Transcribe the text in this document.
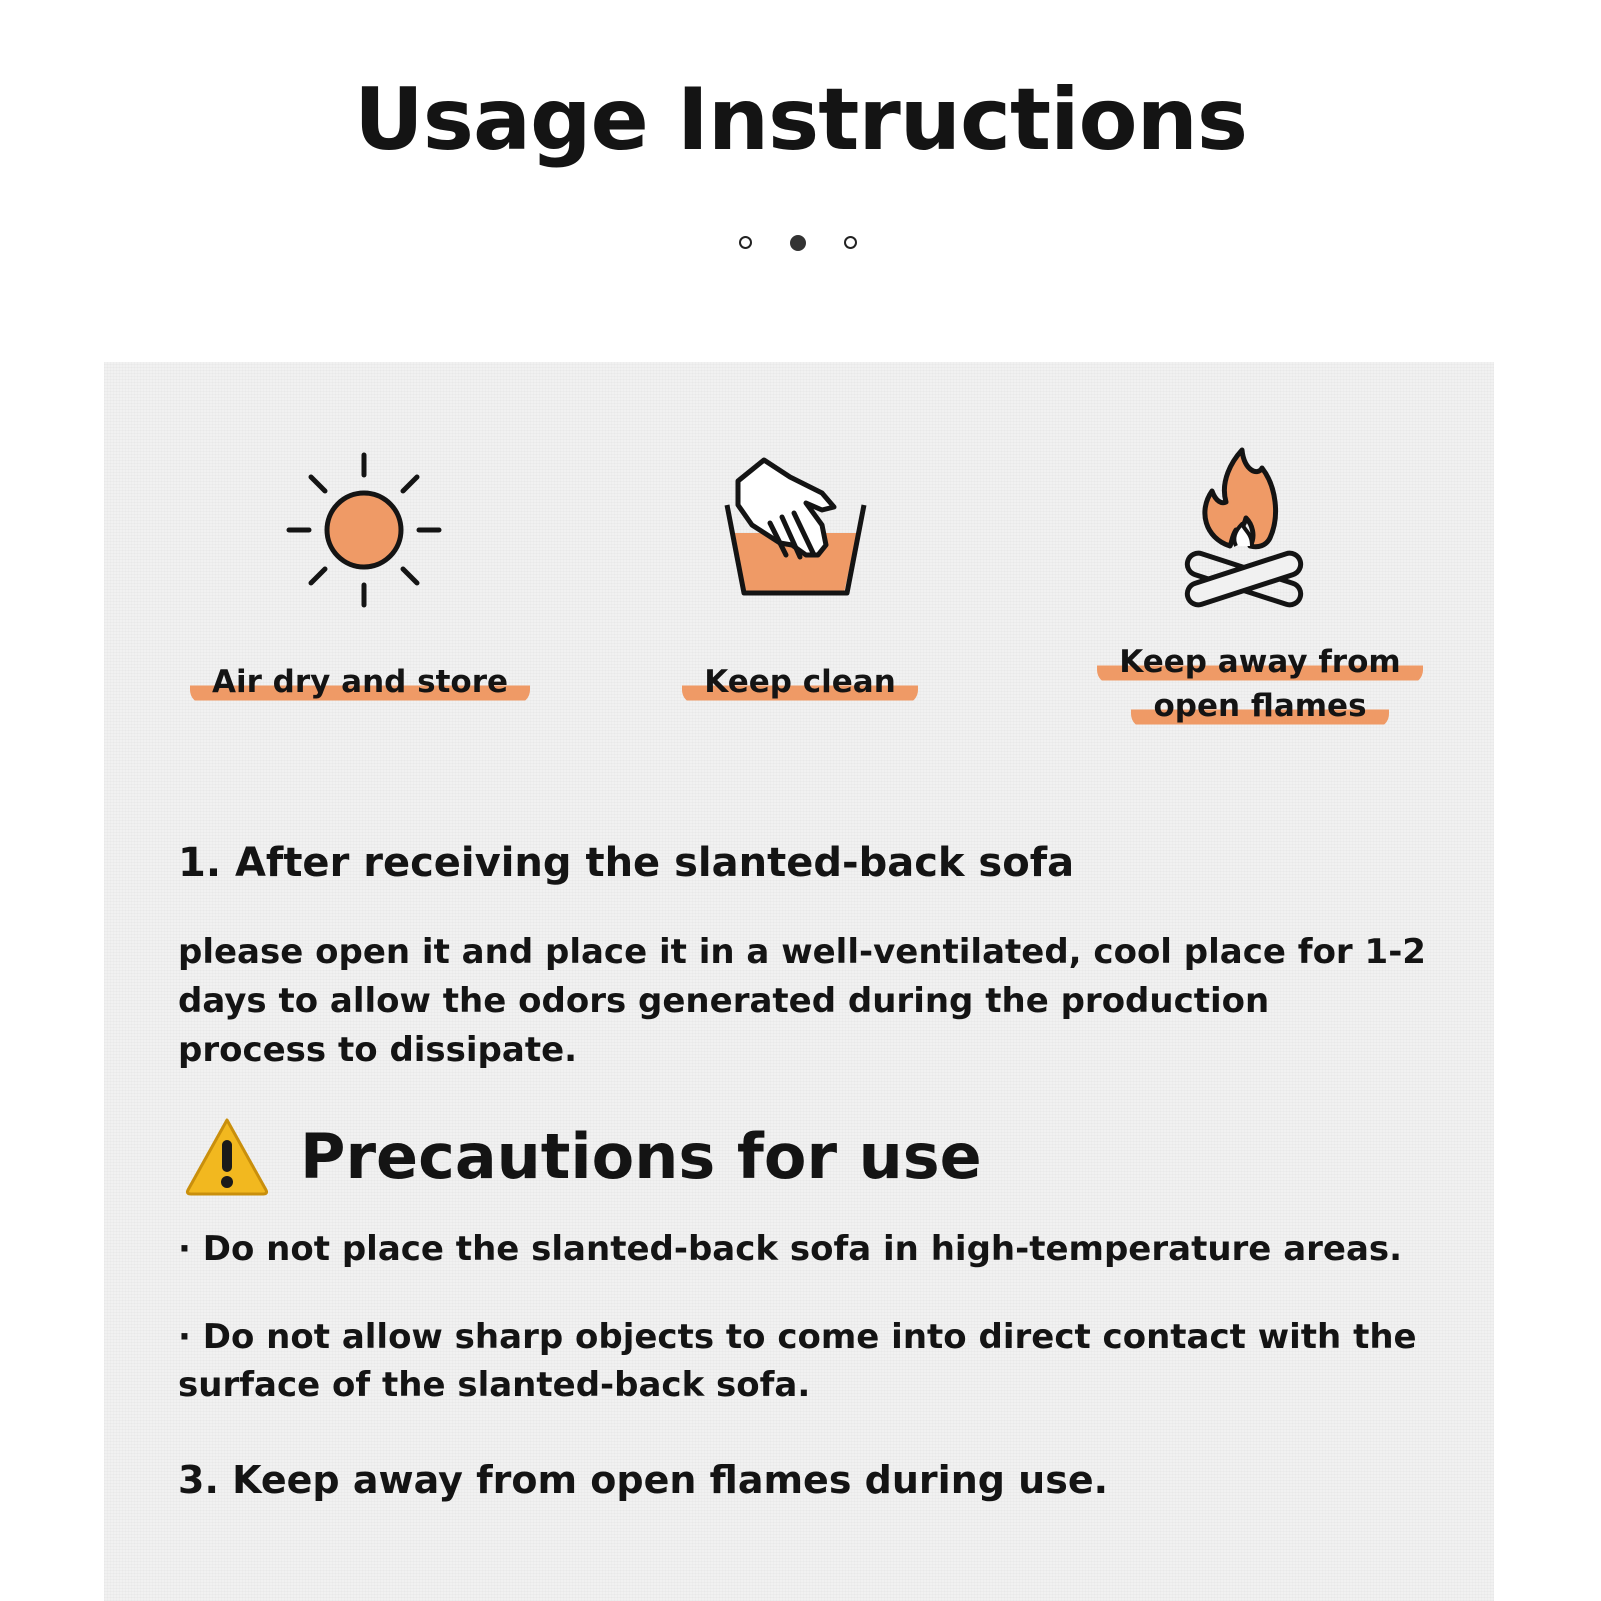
Usage Instructions
Air dry and store	Keep clean
Keep away from
open flames
1. After receiving the slanted-back sofa

please open it and place it in a well-ventilated, cool place for 1-2 days to allow the odors generated during the production process to dissipate.

Precautions for use

· Do not place the slanted-back sofa in high-temperature areas.

· Do not allow sharp objects to come into direct contact with the surface of the slanted-back sofa.

3. Keep away from open flames during use.
